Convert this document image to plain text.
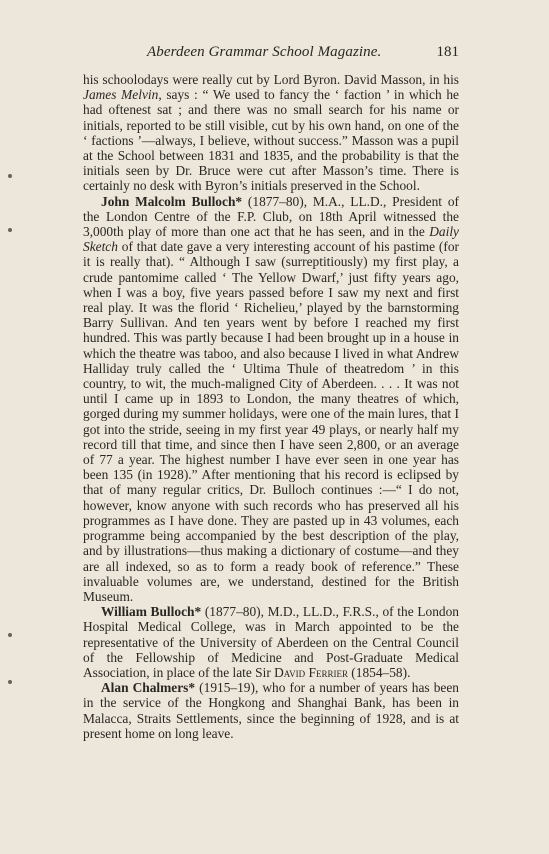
Aberdeen Grammar School Magazine.	181

his schoolodays were really cut by Lord Byron. David Masson, in his James Melvin, says : “ We used to fancy the ‘ faction ’ in which he had oftenest sat ; and there was no small search for his name or initials, reported to be still visible, cut by his own hand, on one of the ‘ factions ’—always, I believe, without success.” Masson was a pupil at the School between 1831 and 1835, and the probability is that the initials seen by Dr. Bruce were cut after Masson’s time. There is certainly no desk with Byron’s initials preserved in the School.

John Malcolm Bulloch* (1877–80), M.A., LL.D., President of the London Centre of the F.P. Club, on 18th April witnessed the 3,000th play of more than one act that he has seen, and in the Daily Sketch of that date gave a very interesting account of his pastime (for it is really that). “ Although I saw (surreptitiously) my first play, a crude pantomime called ‘ The Yellow Dwarf,’ just fifty years ago, when I was a boy, five years passed before I saw my next and first real play. It was the florid ‘ Richelieu,’ played by the barnstorming Barry Sullivan. And ten years went by before I reached my first hundred. This was partly because I had been brought up in a house in which the theatre was taboo, and also because I lived in what Andrew Halliday truly called the ‘ Ultima Thule of theatredom ’ in this country, to wit, the much-maligned City of Aberdeen. . . . It was not until I came up in 1893 to London, the many theatres of which, gorged during my summer holidays, were one of the main lures, that I got into the stride, seeing in my first year 49 plays, or nearly half my record till that time, and since then I have seen 2,800, or an average of 77 a year. The highest number I have ever seen in one year has been 135 (in 1928).” After mentioning that his record is eclipsed by that of many regular critics, Dr. Bulloch continues :—“ I do not, however, know anyone with such records who has preserved all his programmes as I have done. They are pasted up in 43 volumes, each programme being accompanied by the best description of the play, and by illustrations—thus making a dictionary of costume—and they are all indexed, so as to form a ready book of reference.” These invaluable volumes are, we understand, destined for the British Museum.

William Bulloch* (1877–80), M.D., LL.D., F.R.S., of the London Hospital Medical College, was in March appointed to be the representative of the University of Aberdeen on the Central Council of the Fellowship of Medicine and Post-Graduate Medical Association, in place of the late Sir David Ferrier (1854–58).

Alan Chalmers* (1915–19), who for a number of years has been in the service of the Hongkong and Shanghai Bank, has been in Malacca, Straits Settlements, since the beginning of 1928, and is at present home on long leave.
